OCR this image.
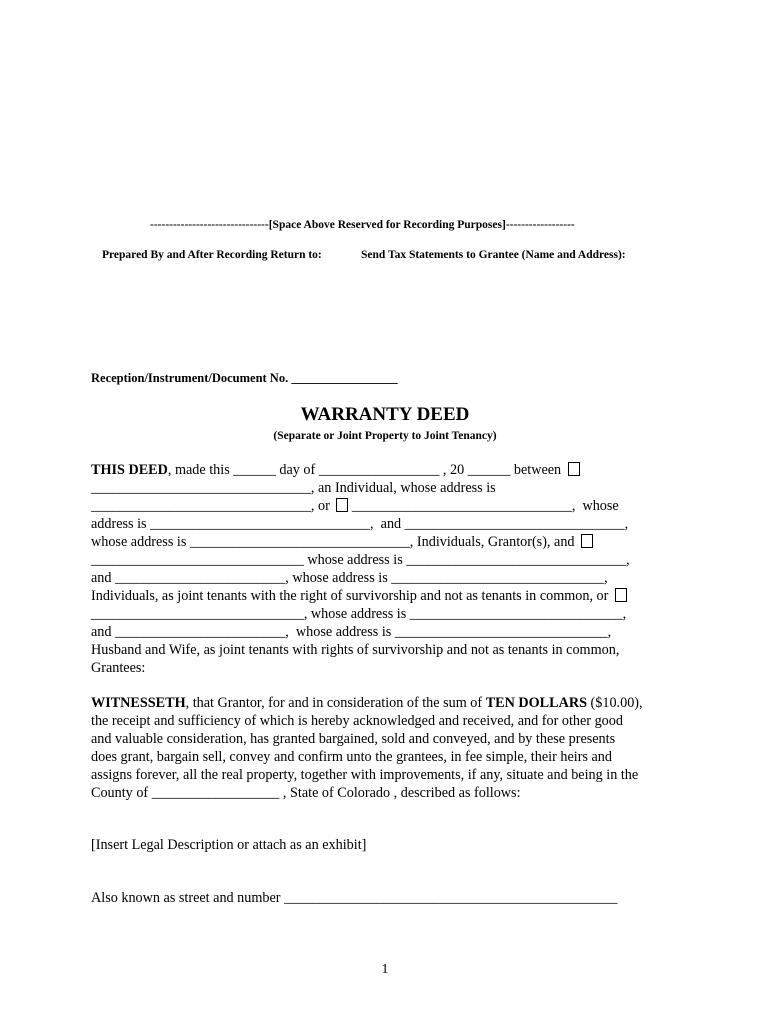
-------------------------------[Space Above Reserved for Recording Purposes]------------------
Prepared By and After Recording Return to:	Send Tax Statements to Grantee (Name and Address):
Reception/Instrument/Document No. _________________
WARRANTY DEED
(Separate or Joint Property to Joint Tenancy)
THIS DEED, made this ______ day of _________________ , 20 ______ between
_______________________________, an Individual, whose address is
_______________________________, or _______________________________,  whose
address is _______________________________,  and _______________________________,
whose address is _______________________________, Individuals, Grantor(s), and
______________________________ whose address is _______________________________,
and ________________________, whose address is ______________________________,
Individuals, as joint tenants with the right of survivorship and not as tenants in common, or
______________________________, whose address is ______________________________,
and ________________________,  whose address is ______________________________,
Husband and Wife, as joint tenants with rights of survivorship and not as tenants in common,
Grantees:
WITNESSETH, that Grantor, for and in consideration of the sum of TEN DOLLARS ($10.00),
the receipt and sufficiency of which is hereby acknowledged and received, and for other good
and valuable consideration, has granted bargained, sold and conveyed, and by these presents
does grant, bargain sell, convey and confirm unto the grantees, in fee simple, their heirs and
assigns forever, all the real property, together with improvements, if any, situate and being in the
County of __________________ , State of Colorado , described as follows:
[Insert Legal Description or attach as an exhibit]
Also known as street and number _______________________________________________
1
